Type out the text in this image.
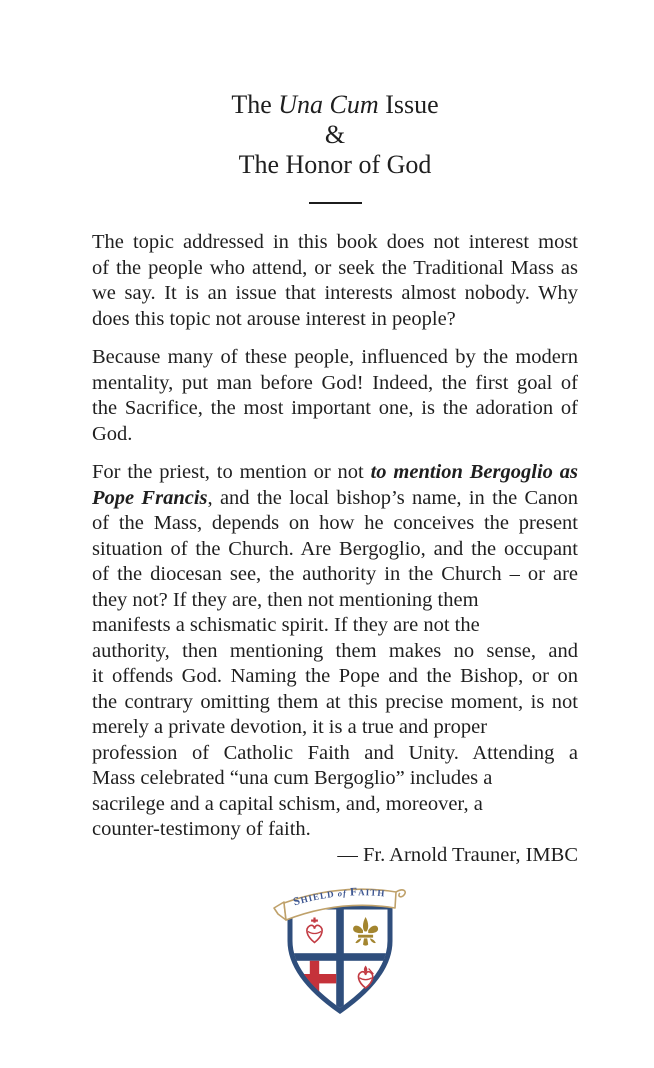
The Una Cum Issue
&
The Honor of God
The topic addressed in this book does not interest most
of the people who attend, or seek the Traditional Mass as
we say. It is an issue that interests almost nobody. Why
does this topic not arouse interest in people?
Because many of these people, influenced by the modern
mentality, put man before God! Indeed, the first goal of
the Sacrifice, the most important one, is the adoration of
God.
For the priest, to mention or not to mention Bergoglio as
Pope Francis, and the local bishop’s name, in the Canon
of the Mass, depends on how he conceives the present
situation of the Church. Are Bergoglio, and the occupant
of the diocesan see, the authority in the Church – or are
they not? If they are, then not mentioning them
manifests a schismatic spirit. If they are not the
authority, then mentioning them makes no sense, and
it offends God. Naming the Pope and the Bishop, or on
the contrary omitting them at this precise moment, is not
merely a private devotion, it is a true and proper
profession of Catholic Faith and Unity. Attending a
Mass celebrated “una cum Bergoglio” includes a
sacrilege and a capital schism, and, moreover, a
counter-testimony of faith.
— Fr. Arnold Trauner, IMBC
SHIELD of FAITH
